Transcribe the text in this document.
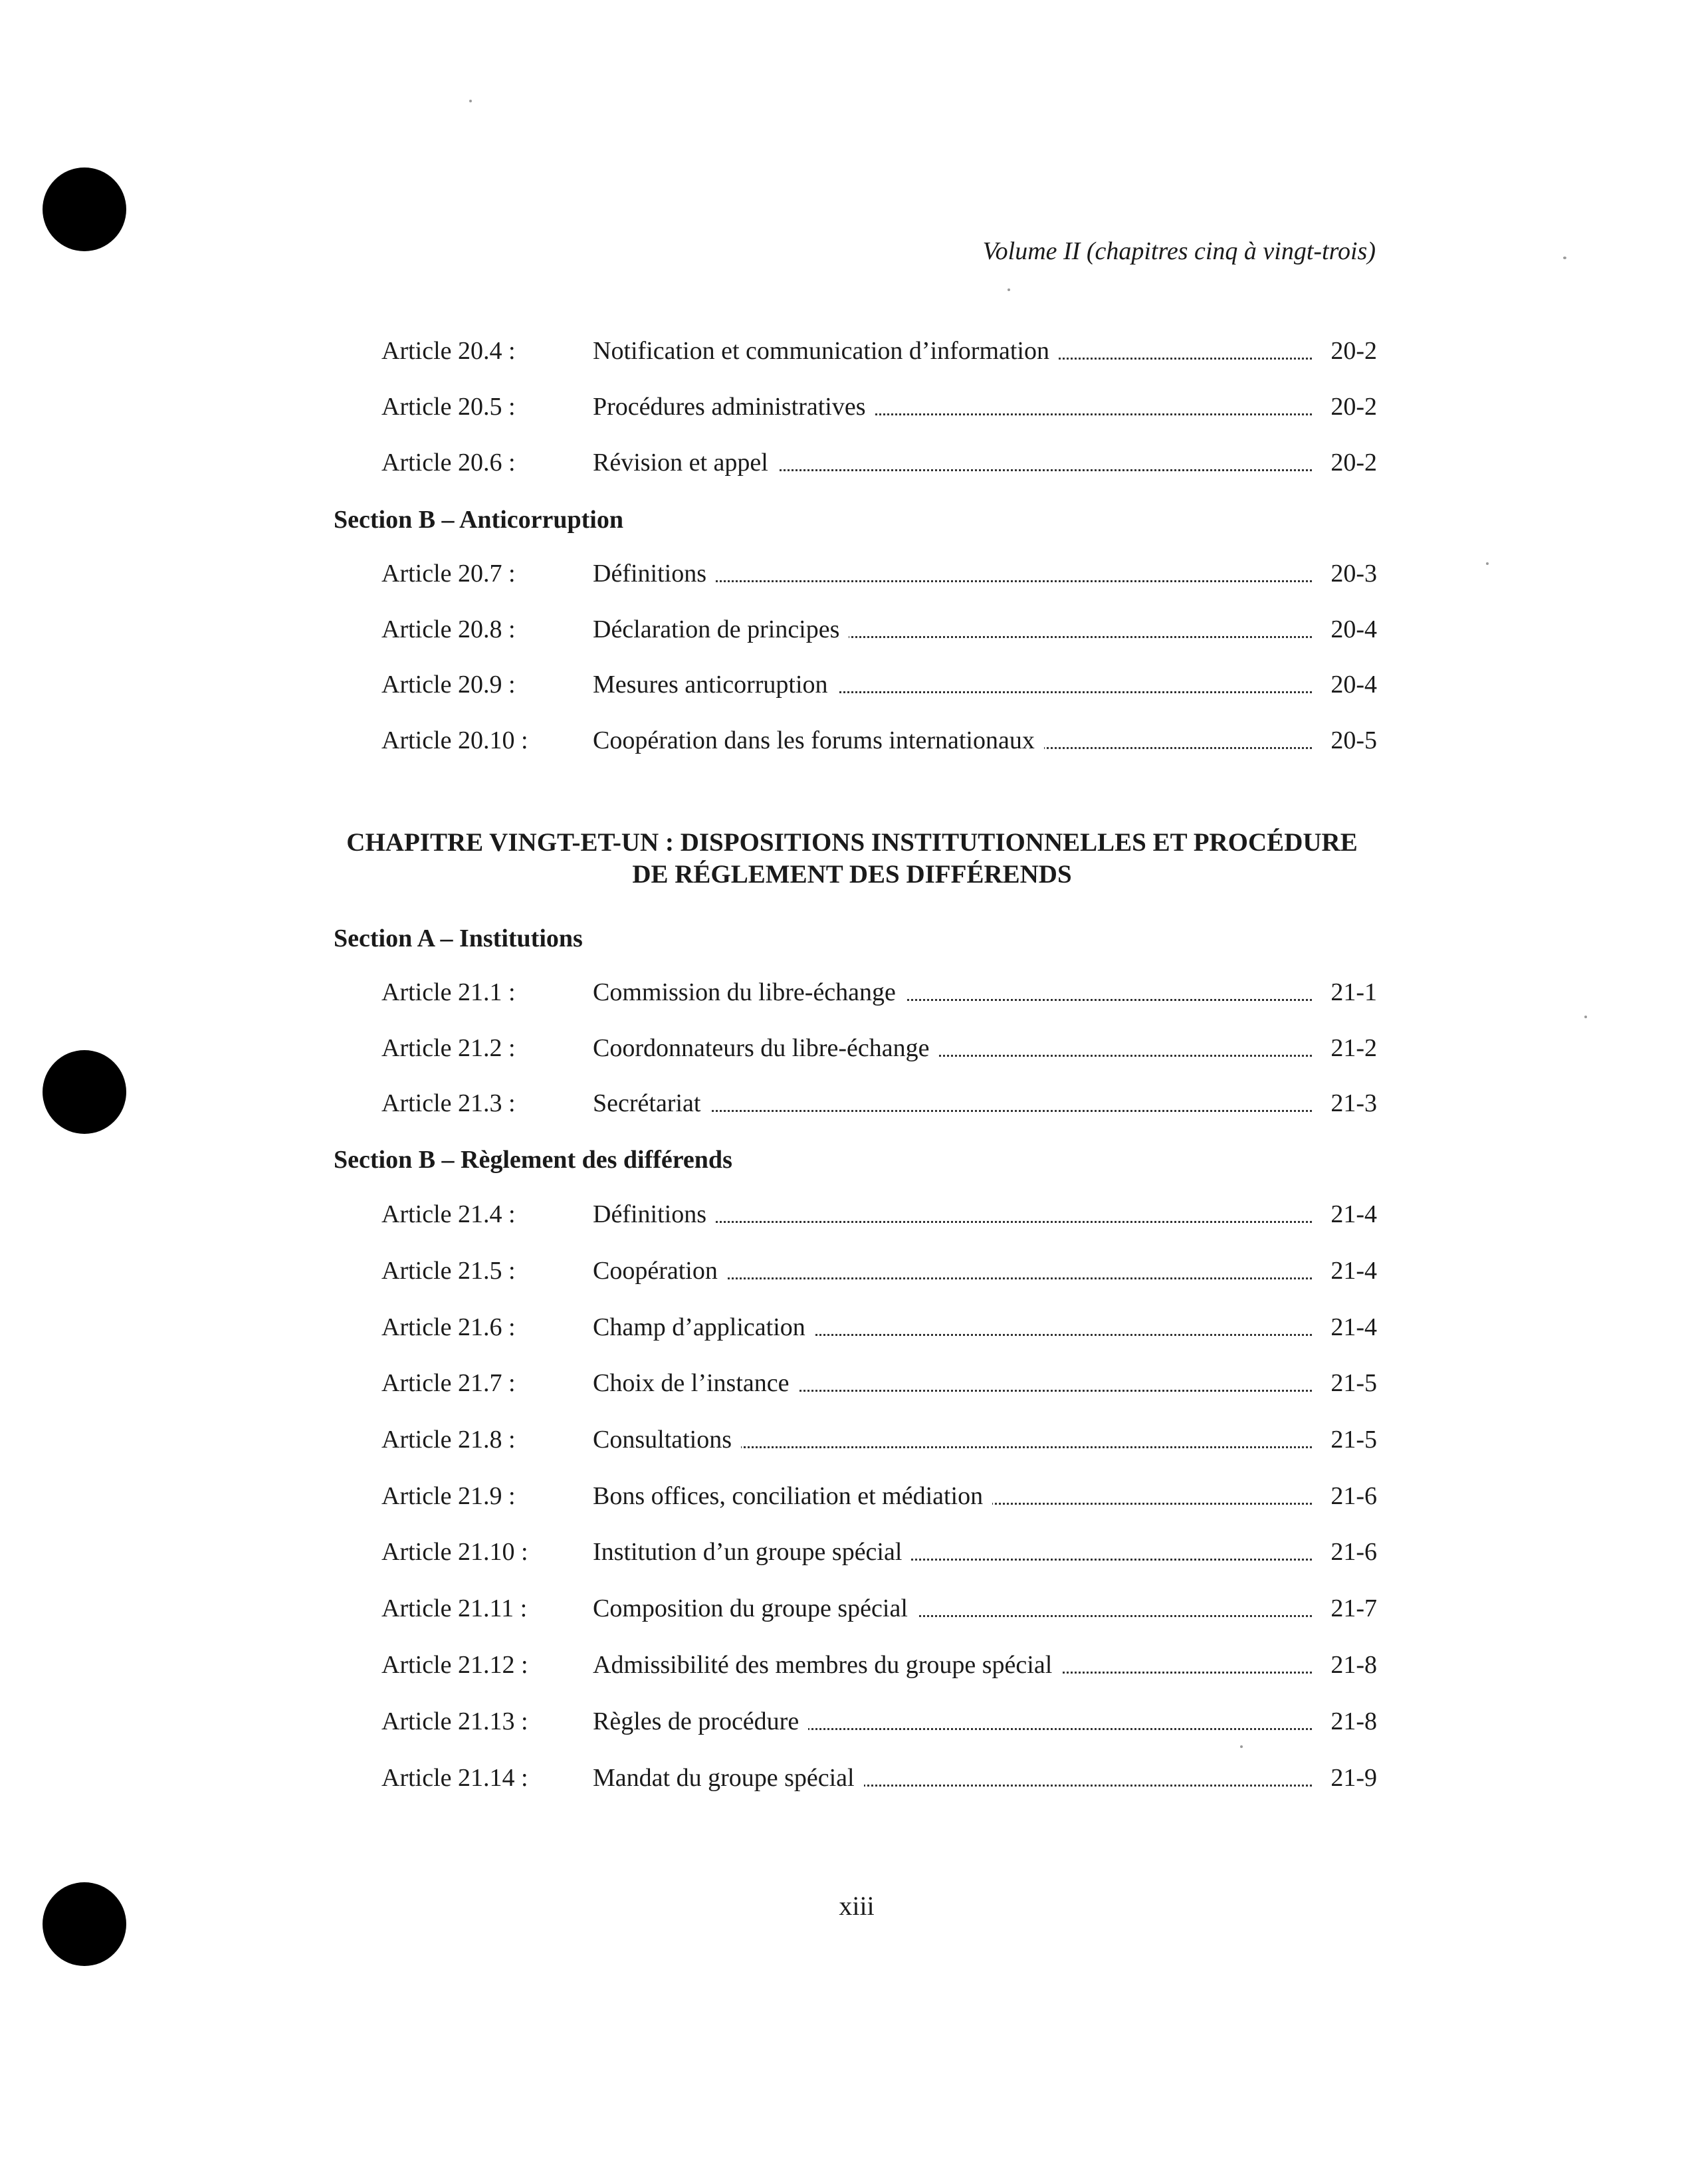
Volume II (chapitres cinq à vingt-trois)
Article 20.4 :	Notification et communication d’information	20-2
Article 20.5 :	Procédures administratives	20-2
Article 20.6 :	Révision et appel	20-2
Section B – Anticorruption
Article 20.7 :	Définitions	20-3
Article 20.8 :	Déclaration de principes	20-4
Article 20.9 :	Mesures anticorruption	20-4
Article 20.10 :	Coopération dans les forums internationaux	20-5
CHAPITRE VINGT-ET-UN : DISPOSITIONS INSTITUTIONNELLES ET PROCÉDURE
DE RÉGLEMENT DES DIFFÉRENDS
Section A – Institutions
Article 21.1 :	Commission du libre-échange	21-1
Article 21.2 :	Coordonnateurs du libre-échange	21-2
Article 21.3 :	Secrétariat	21-3
Section B – Règlement des différends
Article 21.4 :	Définitions	21-4
Article 21.5 :	Coopération	21-4
Article 21.6 :	Champ d’application	21-4
Article 21.7 :	Choix de l’instance	21-5
Article 21.8 :	Consultations	21-5
Article 21.9 :	Bons offices, conciliation et médiation	21-6
Article 21.10 :	Institution d’un groupe spécial	21-6
Article 21.11 :	Composition du groupe spécial	21-7
Article 21.12 :	Admissibilité des membres du groupe spécial	21-8
Article 21.13 :	Règles de procédure	21-8
Article 21.14 :	Mandat du groupe spécial	21-9
xiii
